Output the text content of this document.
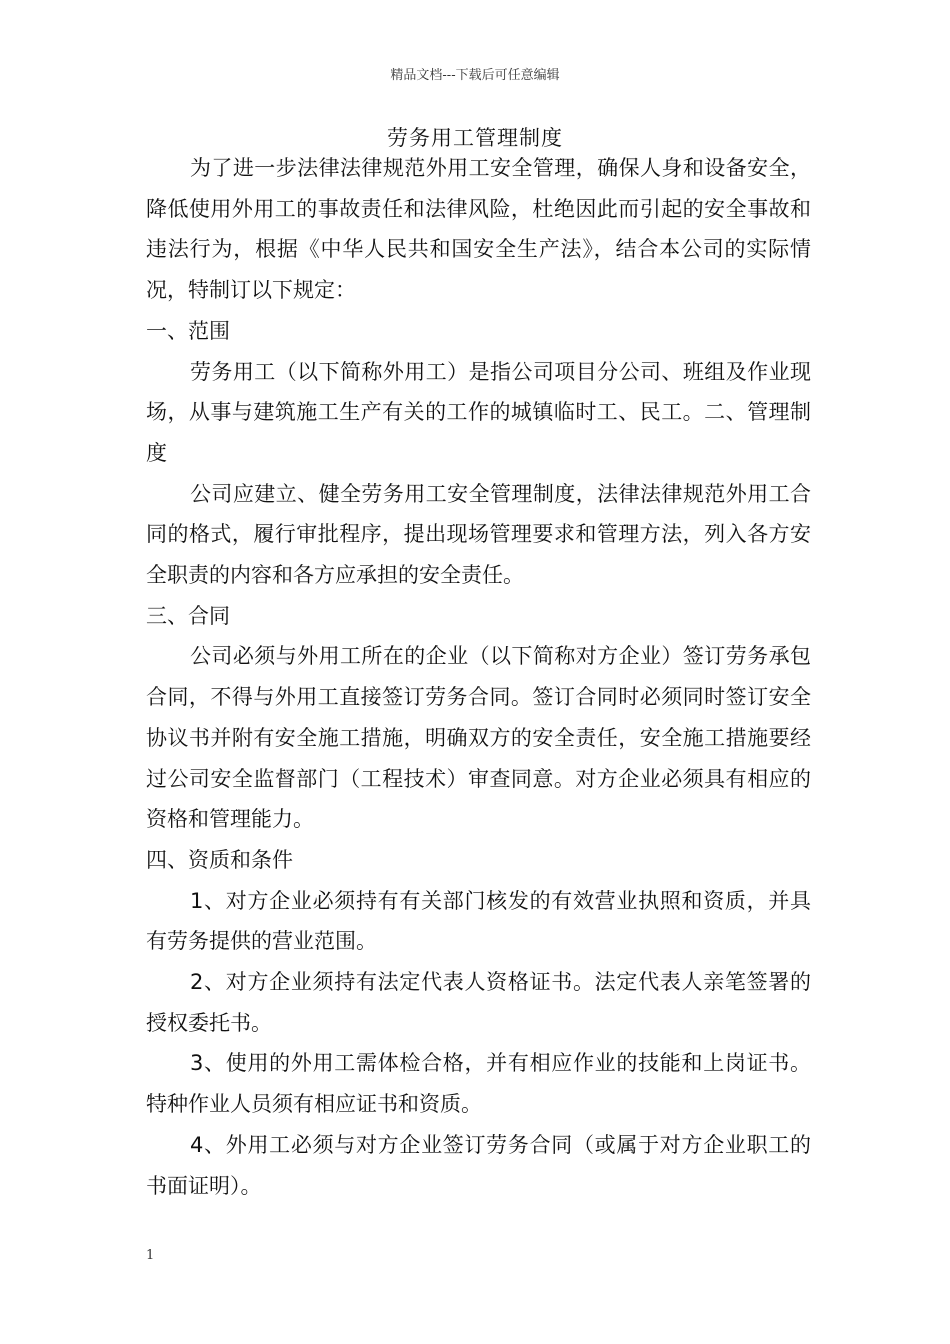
精品文档---下载后可任意编辑
劳务用工管理制度

为了进一步法律法律规范外用工安全管理，确保人身和设备安全，降低使用外用工的事故责任和法律风险，杜绝因此而引起的安全事故和违法行为，根据《中华人民共和国安全生产法》，结合本公司的实际情况，特制订以下规定：

一、范围

劳务用工（以下简称外用工）是指公司项目分公司、班组及作业现场，从事与建筑施工生产有关的工作的城镇临时工、民工。二、管理制度

公司应建立、健全劳务用工安全管理制度，法律法律规范外用工合同的格式，履行审批程序，提出现场管理要求和管理方法，列入各方安全职责的内容和各方应承担的安全责任。

三、合同

公司必须与外用工所在的企业（以下简称对方企业）签订劳务承包合同，不得与外用工直接签订劳务合同。签订合同时必须同时签订安全协议书并附有安全施工措施，明确双方的安全责任，安全施工措施要经过公司安全监督部门（工程技术）审查同意。对方企业必须具有相应的资格和管理能力。

四、资质和条件

1、对方企业必须持有有关部门核发的有效营业执照和资质，并具有劳务提供的营业范围。

2、对方企业须持有法定代表人资格证书。法定代表人亲笔签署的授权委托书。

3、使用的外用工需体检合格，并有相应作业的技能和上岗证书。特种作业人员须有相应证书和资质。

4、外用工必须与对方企业签订劳务合同（或属于对方企业职工的书面证明）。

1
